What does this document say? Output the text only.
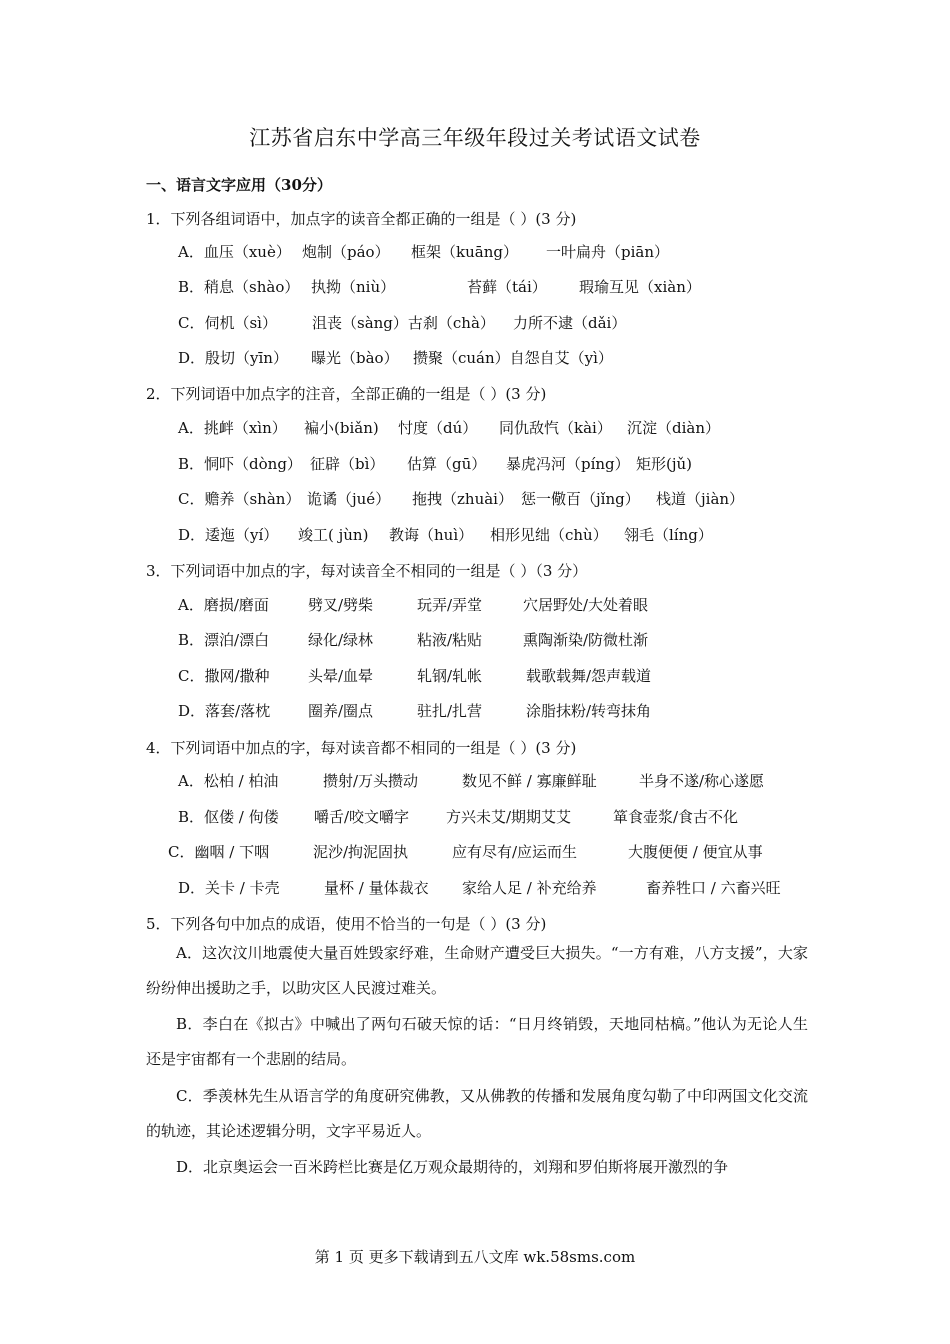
江苏省启东中学高三年级年段过关考试语文试卷
一、语言文字应用（30分）
1．下列各组词语中，加点字的读音全都正确的一组是（ ）(3 分)
A．血压（xuè） 炮制（páo） 框架（kuāng） 一叶扁舟（piān）
B．稍息（shào） 执拗（niù）	苔藓（tái） 瑕瑜互见（xiàn）
C．伺机（sì） 沮丧（sàng）古刹（chà） 力所不逮（dǎi）
D．殷切（yīn） 曝光（bào） 攒聚（cuán）自怨自艾（yì）
2．下列词语中加点字的注音，全部正确的一组是（ ）(3 分)
A．挑衅（xìn） 褊小(biǎn) 忖度（dú） 同仇敌忾（kài） 沉淀（diàn）
B．恫吓（dòng） 征辟（bì） 估算（gū） 暴虎冯河（píng） 矩形(jǔ)
C．赡养（shàn） 诡谲（jué） 拖拽（zhuài） 惩一儆百（jǐng） 栈道（jiàn）
D．逶迤（yí） 竣工( jùn) 教诲（huì） 相形见绌（chù） 翎毛（líng）
3．下列词语中加点的字，每对读音全不相同的一组是（ ）（3 分）
A．磨损/磨面	劈叉/劈柴	玩弄/弄堂	穴居野处/大处着眼
B．漂泊/漂白	绿化/绿林	粘液/粘贴	熏陶渐染/防微杜渐
C．撒网/撒种	头晕/血晕	轧钢/轧帐	载歌载舞/怨声载道
D．落套/落枕	圈养/圈点	驻扎/扎营	涂脂抹粉/转弯抹角
4．下列词语中加点的字，每对读音都不相同的一组是（ ）(3 分)
A．松柏 / 柏油	攒射/万头攒动	数见不鲜 / 寡廉鲜耻	半身不遂/称心遂愿
B．伛偻 / 佝偻 嚼舌/咬文嚼字 方兴未艾/期期艾艾	箪食壶浆/食古不化
C．幽咽 / 下咽	泥沙/拘泥固执	应有尽有/应运而生	大腹便便 / 便宜从事
D．关卡 / 卡壳	量杯 / 量体裁衣 家给人足 / 补充给养	畜养牲口 / 六畜兴旺
5．下列各句中加点的成语，使用不恰当的一句是（ ）(3 分)
A．这次汶川地震使大量百姓毁家纾难，生命财产遭受巨大损失。“一方有难，八方支援”，大家纷纷伸出援助之手，以助灾区人民渡过难关。
B．李白在《拟古》中喊出了两句石破天惊的话：“日月终销毁，天地同枯槁。”他认为无论人生还是宇宙都有一个悲剧的结局。
C．季羡林先生从语言学的角度研究佛教，又从佛教的传播和发展角度勾勒了中印两国文化交流的轨迹，其论述逻辑分明，文字平易近人。
D．北京奥运会一百米跨栏比赛是亿万观众最期待的，刘翔和罗伯斯将展开激烈的争
第 1 页 更多下载请到五八文库 wk.58sms.com
